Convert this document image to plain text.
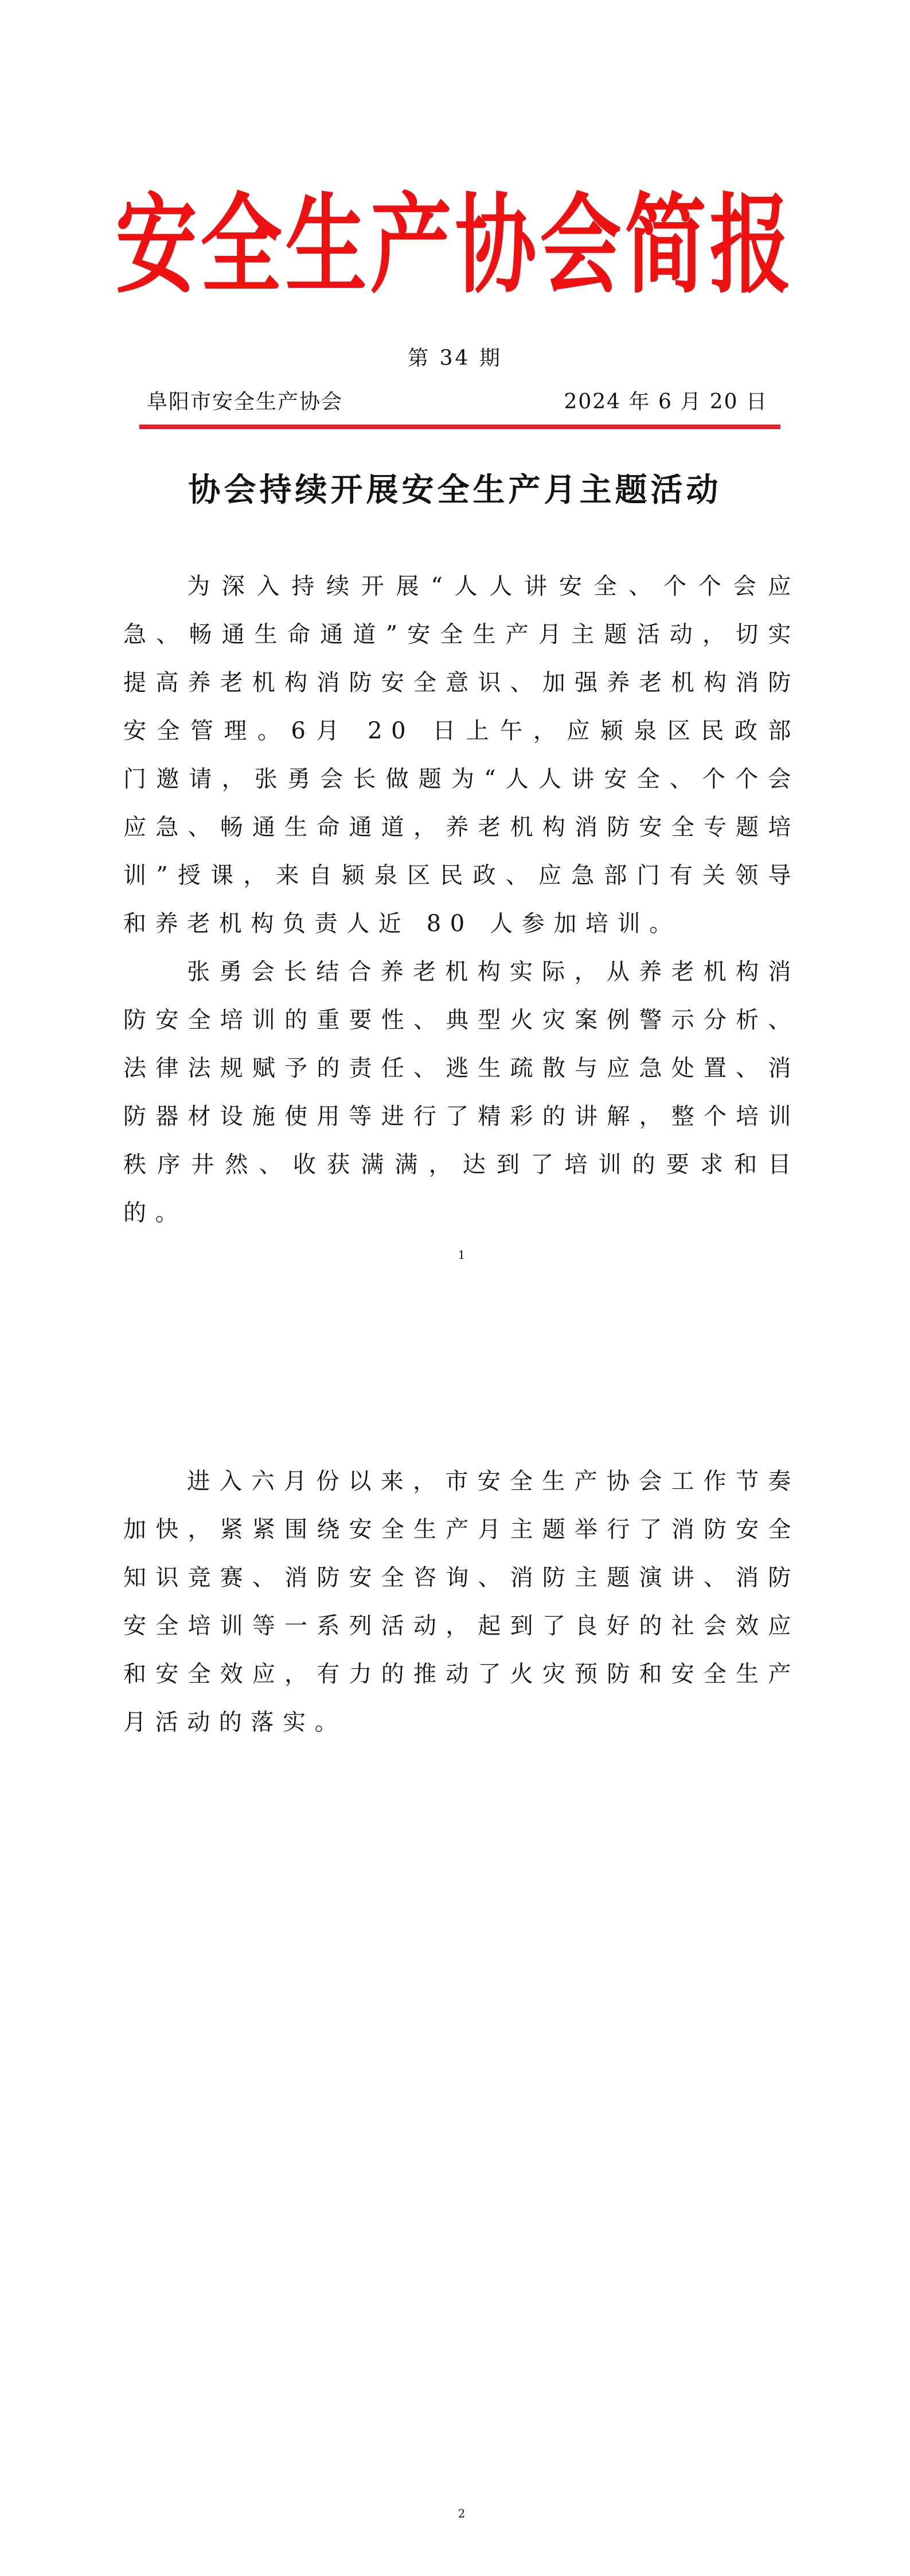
安全生产协会简报
第 34 期
阜阳市安全生产协会	2024 年 6 月 20 日
协会持续开展安全生产月主题活动

为深入持续开展“人人讲安全、个个会应急、畅通生命通道”安全生产月主题活动，切实提高养老机构消防安全意识、加强养老机构消防安全管理。6月 20 日上午，应颍泉区民政部门邀请，张勇会长做题为“人人讲安全、个个会应急、畅通生命通道，养老机构消防安全专题培训”授课，来自颍泉区民政、应急部门有关领导和养老机构负责人近 80 人参加培训。

张勇会长结合养老机构实际，从养老机构消防安全培训的重要性、典型火灾案例警示分析、法律法规赋予的责任、逃生疏散与应急处置、消防器材设施使用等进行了精彩的讲解，整个培训秩序井然、收获满满，达到了培训的要求和目的。

1

进入六月份以来，市安全生产协会工作节奏加快，紧紧围绕安全生产月主题举行了消防安全知识竞赛、消防安全咨询、消防主题演讲、消防安全培训等一系列活动，起到了良好的社会效应和安全效应，有力的推动了火灾预防和安全生产月活动的落实。

2
